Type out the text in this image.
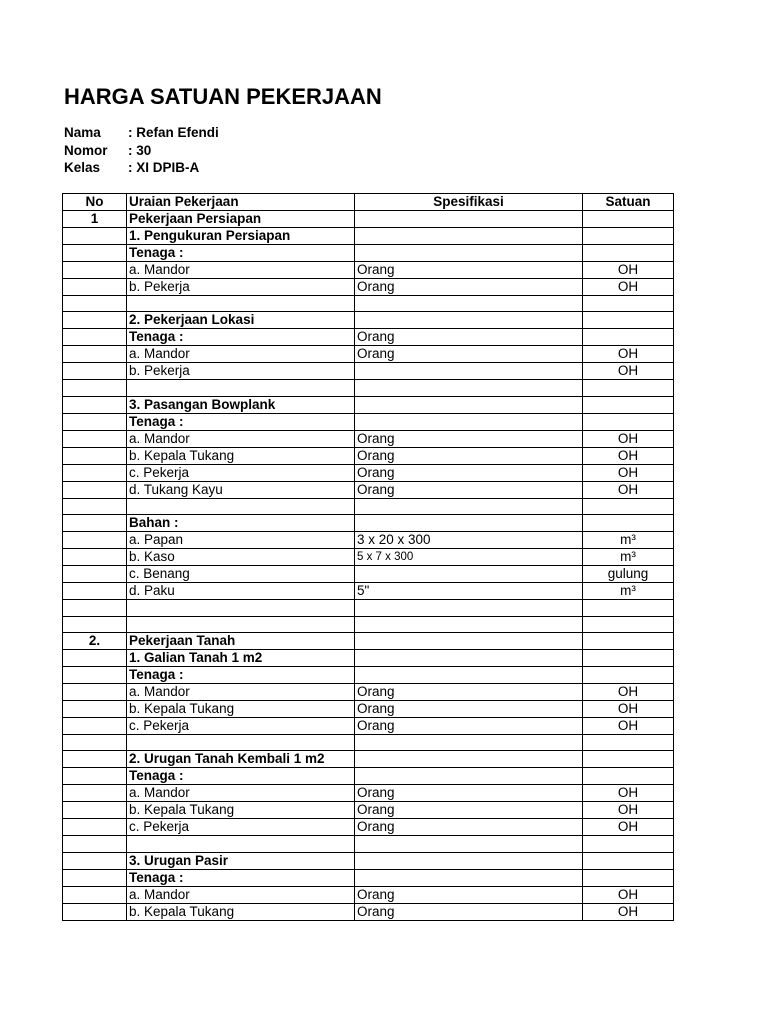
HARGA SATUAN PEKERJAAN
Nama : Refan Efendi
Nomor : 30
Kelas : XI DPIB-A
No	Uraian Pekerjaan	Spesifikasi	Satuan
1	Pekerjaan Persiapan		
	1. Pengukuran Persiapan		
	Tenaga :		
	a. Mandor	Orang	OH
	b. Pekerja	Orang	OH

	2. Pekerjaan Lokasi		
	Tenaga :	Orang	
	a. Mandor	Orang	OH
	b. Pekerja		OH

	3. Pasangan Bowplank		
	Tenaga :		
	a. Mandor	Orang	OH
	b. Kepala Tukang	Orang	OH
	c. Pekerja	Orang	OH
	d. Tukang Kayu	Orang	OH

	Bahan :		
	a. Papan	3 x 20 x 300	m³
	b. Kaso	5 x 7 x 300	m³
	c. Benang		gulung
	d. Paku	5"	m³

2.	Pekerjaan Tanah		
	1. Galian Tanah 1 m2		
	Tenaga :		
	a. Mandor	Orang	OH
	b. Kepala Tukang	Orang	OH
	c. Pekerja	Orang	OH

	2. Urugan Tanah Kembali 1 m2		
	Tenaga :		
	a. Mandor	Orang	OH
	b. Kepala Tukang	Orang	OH
	c. Pekerja	Orang	OH

	3. Urugan Pasir		
	Tenaga :		
	a. Mandor	Orang	OH
	b. Kepala Tukang	Orang	OH
